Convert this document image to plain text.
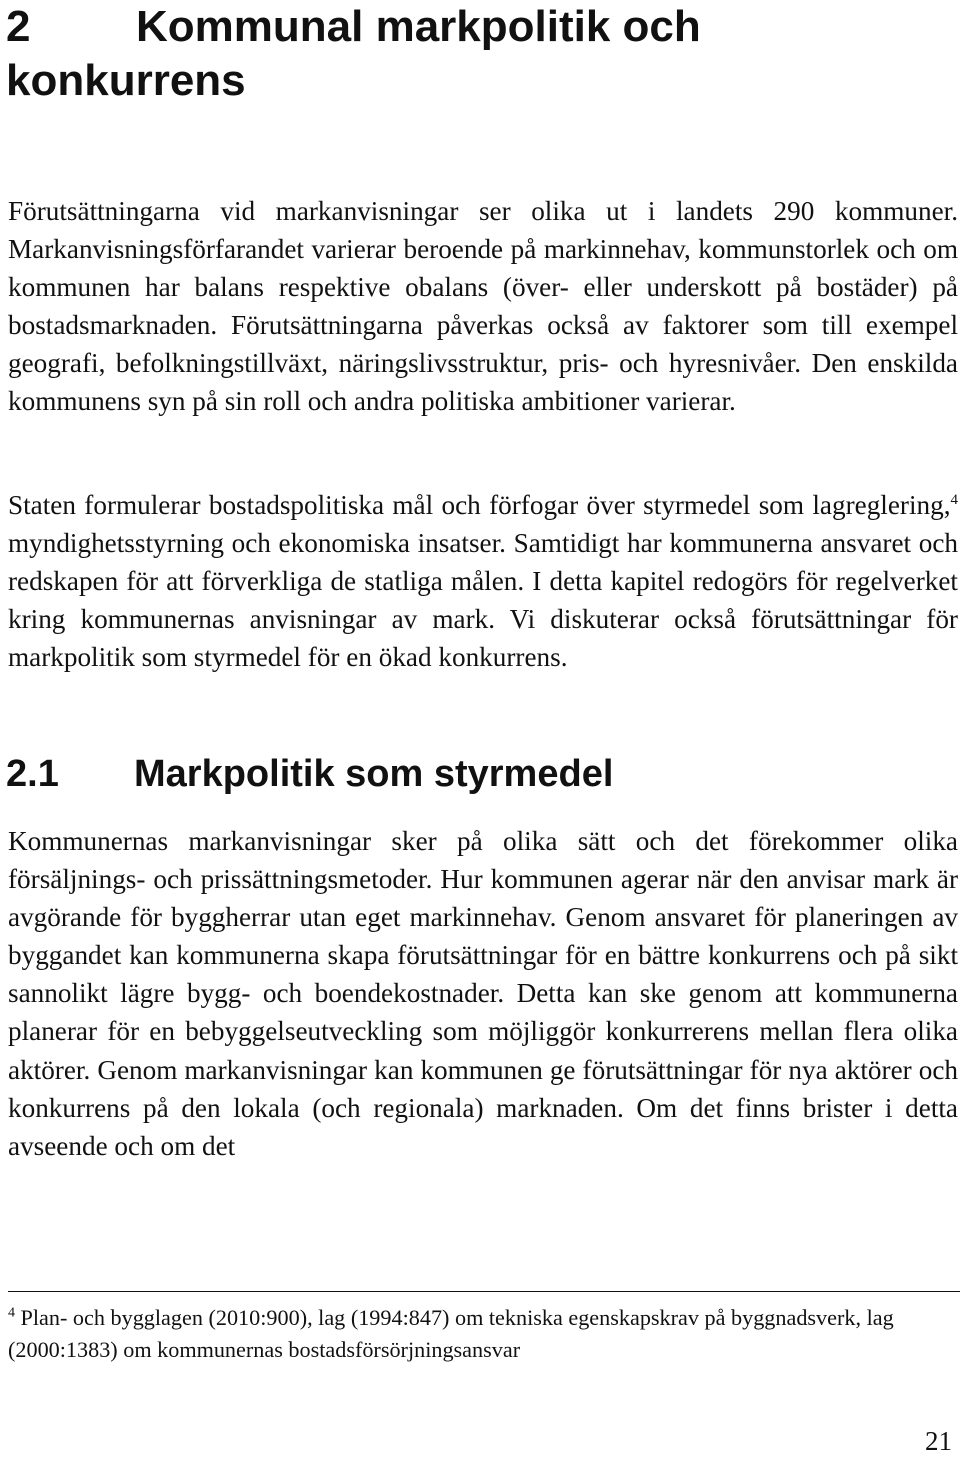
2 Kommunal markpolitik och
konkurrens

Förutsättningarna vid markanvisningar ser olika ut i landets 290 kommuner. Markanvisningsförfarandet varierar beroende på markinnehav, kommunstorlek och om kommunen har balans respektive obalans (över- eller underskott på bostäder) på bostadsmarknaden. Förutsättningarna påverkas också av faktorer som till exempel geografi, befolkningstillväxt, näringslivsstruktur, pris- och hyresnivåer. Den enskilda kommunens syn på sin roll och andra politiska ambitioner varierar.

Staten formulerar bostadspolitiska mål och förfogar över styrmedel som lagreglering,$^4$ myndighetsstyrning och ekonomiska insatser. Samtidigt har kommunerna ansvaret och redskapen för att förverkliga de statliga målen. I detta kapitel redogörs för regelverket kring kommunernas anvisningar av mark. Vi diskuterar också förutsättningar för markpolitik som styrmedel för en ökad konkurrens.

2.1 Markpolitik som styrmedel

Kommunernas markanvisningar sker på olika sätt och det förekommer olika försäljnings- och prissättningsmetoder. Hur kommunen agerar när den anvisar mark är avgörande för byggherrar utan eget markinnehav. Genom ansvaret för planeringen av byggandet kan kommunerna skapa förutsättningar för en bättre konkurrens och på sikt sannolikt lägre bygg- och boendekostnader. Detta kan ske genom att kommunerna planerar för en bebyggelseutveckling som möjliggör konkurrerens mellan flera olika aktörer. Genom markanvisningar kan kommunen ge förutsättningar för nya aktörer och konkurrens på den lokala (och regionala) marknaden. Om det finns brister i detta avseende och om det

$^4$ Plan- och bygglagen (2010:900), lag (1994:847) om tekniska egenskapskrav på byggnadsverk, lag (2000:1383) om kommunernas bostadsförsörjningsansvar

21
